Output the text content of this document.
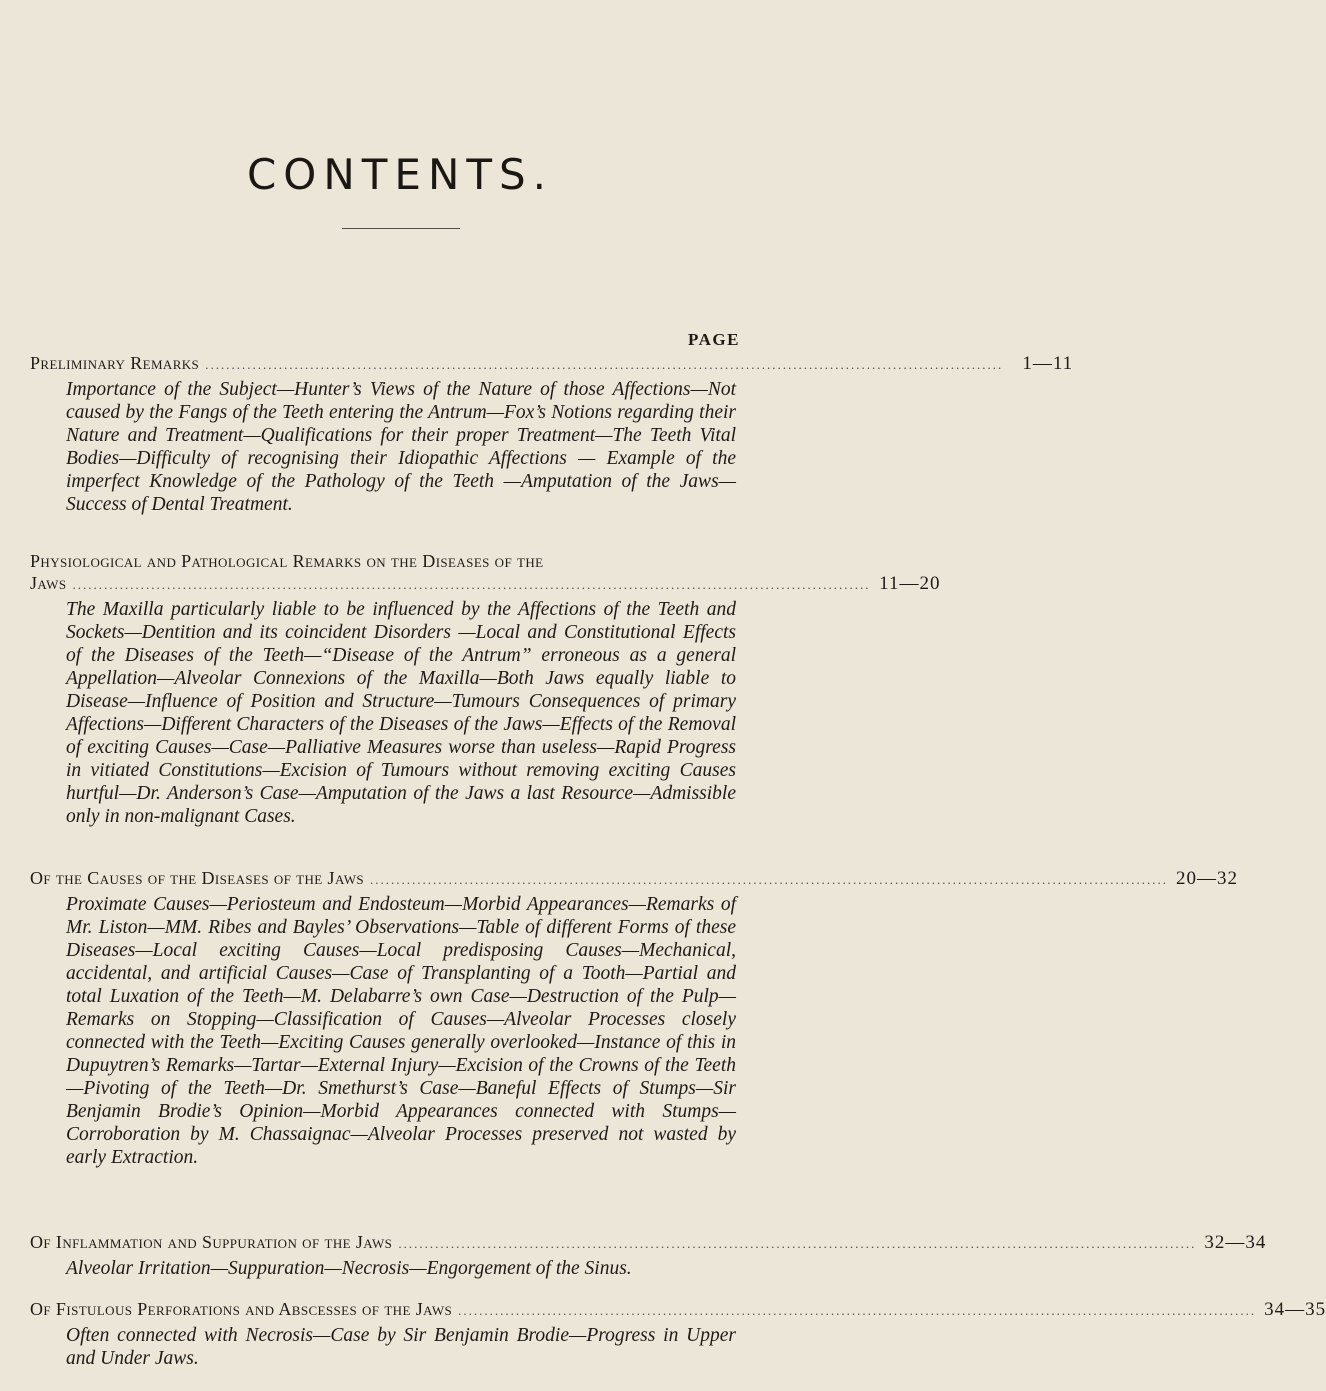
CONTENTS.
PAGE
Preliminary Remarks ........................................................................................................................................................	1—11
Importance of the Subject—Hunter’s Views of the Nature of those Affections—Not caused by the Fangs of the Teeth entering the Antrum—Fox’s Notions regarding their Nature and Treatment—Qualifications for their proper Treatment—The Teeth Vital Bodies—Difficulty of recognising their Idiopathic Affections — Example of the imperfect Knowledge of the Pathology of the Teeth —Amputation of the Jaws—Success of Dental Treatment.
Physiological and Pathological Remarks on the Diseases of the
Jaws ........................................................................................................................................................ 11—20
The Maxilla particularly liable to be influenced by the Affections of the Teeth and Sockets—Dentition and its coincident Disorders —Local and Constitutional Effects of the Diseases of the Teeth—“Disease of the Antrum” erroneous as a general Appellation—Alveolar Connexions of the Maxilla—Both Jaws equally liable to Disease—Influence of Position and Structure—Tumours Consequences of primary Affections—Different Characters of the Diseases of the Jaws—Effects of the Removal of exciting Causes—Case—Palliative Measures worse than useless—Rapid Progress in vitiated Constitutions—Excision of Tumours without removing exciting Causes hurtful—Dr. Anderson’s Case—Amputation of the Jaws a last Resource—Admissible only in non-malignant Cases.
Of the Causes of the Diseases of the Jaws ........................................................................................................................................................ 20—32
Proximate Causes—Periosteum and Endosteum—Morbid Appearances—Remarks of Mr. Liston—MM. Ribes and Bayles’ Observations—Table of different Forms of these Diseases—Local exciting Causes—Local predisposing Causes—Mechanical, accidental, and artificial Causes—Case of Transplanting of a Tooth—Partial and total Luxation of the Teeth—M. Delabarre’s own Case—Destruction of the Pulp—Remarks on Stopping—Classification of Causes—Alveolar Processes closely connected with the Teeth—Exciting Causes generally overlooked—Instance of this in Dupuytren’s Remarks—Tartar—External Injury—Excision of the Crowns of the Teeth—Pivoting of the Teeth—Dr. Smethurst’s Case—Baneful Effects of Stumps—Sir Benjamin Brodie’s Opinion—Morbid Appearances connected with Stumps—Corroboration by M. Chassaignac—Alveolar Processes preserved not wasted by early Extraction.
Of Inflammation and Suppuration of the Jaws ........................................................................................................................................................ 32—34
Alveolar Irritation—Suppuration—Necrosis—Engorgement of the Sinus.
Of Fistulous Perforations and Abscesses of the Jaws ........................................................................................................................................................ 34—35
Often connected with Necrosis—Case by Sir Benjamin Brodie—Progress in Upper and Under Jaws.
